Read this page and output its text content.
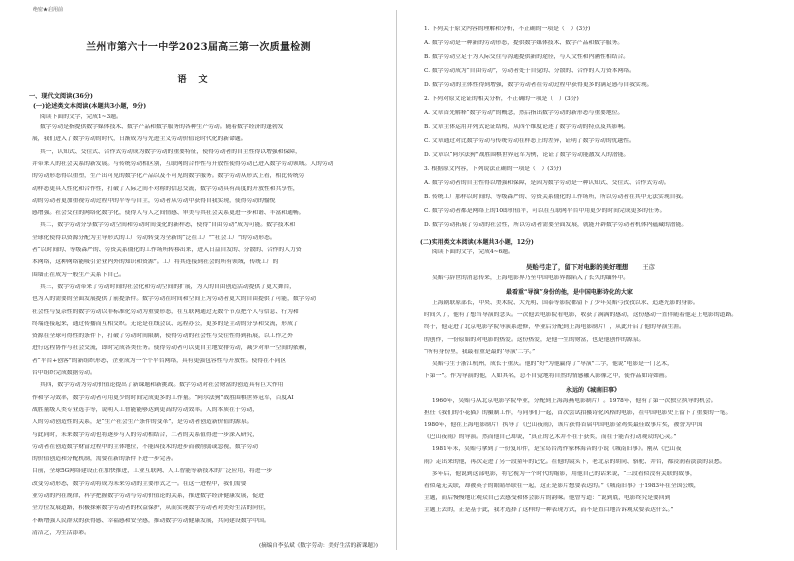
绝密★启用前
兰州市第六十一中学2023届高三第一次质量检测
语文
一、现代文阅读(36分)
(一)论述类文本阅读(本题共3小题，9分)
阅读下面的文字，完成1~3题。
数字劳动是指提供数字媒体技术、数字产品和数字服务的各种生产劳动。随着数字经济的蓬勃发
展，我们进入了数字劳动的时代，日渐成为与先进主义劳动价值论时代化的新命题。
其一，认知式、交往式、合作式劳动成为数字劳动的重要特征，使得劳动者的自主性得以增强和保障，
并带来人的社会关系的新发展。与传统劳动相区别，互联网的合作性与开放性使得劳动已进入数字劳动领域。人的劳动
的劳动形态得以重塑，生产出可见的数字化产品以及不可见的数字服务。数字劳动从形式上看，相比传统劳
动样态更具人性化和合作性，打破了人际之间不对称的信息交流，数字劳动具有高度的开放性和共享性，
动的劳动者更加重视劳动过程中的平等与自主，劳动者从劳动中获得自我实现，使得劳动的愉悦
感增强。社会交往的网络化数字化，使得人与人之间情感、审美与其社会关系更进一步和谐、丰富和通畅。
其二，数字劳动分享数字劳动空间和劳动时间变化的新样态，使得“自由劳动”成为可能。数字技术和
全球化使得以资源分配为主导形式的工厂劳动转变为全新的“泛在工厂”“社会工厂”的劳动形态。
者“以时间的、等级森严的、劳资关系僵化的工作场所转移出来，进入日益自发的、分散的、合作的人力资
本网络，这种网络能吸引企业内外的知识和资源”。工厂将其连接到社会的所有领域，传统工厂的
围墙正在成为一般生产关系下自己。
其三，数字劳动带来了劳动时间的社会化和劳动空间的扩展，为人的自由创造活动提供了更大舞台，
也为人的需要的全面发展提供了前提条件。数字劳动在时间和空间上为劳动者更大的自由提供了可能，数字劳动
社会性与复杂性的数字劳动以非标准化劳动为重要形态，在互联网通过无数个节点把个人与信息、行为和
终端连接起来，通过传播而互相交织。无论是在线会议、远程办公，更多的是主动的分享和交流，形成了
资源在全球可得性的条件下，打破了劳动时间限制，使得劳动的社会性与交往性得到拓展，以工作之外
进行远程协作与社会交流，即时完成各类任务。使得劳动者可以更自主地安排劳动，减少对单一空间的依赖，
者“平台+创客”的新组织形态，企业成为一个个平台网络，具有更强包容性与开放性。使得在不同区
台中组织完成数据劳动。
其四，数字劳动为劳动价值论提出了新课题和新挑战。数字劳动对社会财富的创造具有巨大作用
作和学习效率，数字劳动者可用更少的时间完成更多的工作量。“阿尔法狗”战胜围棋世界冠军，百度AI
战胜量级人类专业选手等，说明人工智能能够达到更高的劳动效率。人的本质在于劳动，
人的劳动创造性的关系，是“生产社会生产条件的变革”，是劳动者创造新价值的源泉。
与此同时，未来数字劳动也将逐步与人的劳动相结合，二者的关系值得进一步深入研究，
劳动者在创造数字财富过程中的主体地位，不能因技术的进步而被削弱或忽视，数字劳动
的价值创造和分配机制，需要在新的条件下进一步完善。
目前，全球5G网络建设正在加快推进，工业互联网、人工智能等新技术的广泛应用，将进一步
改变劳动形态，数字劳动将成为未来劳动的主要形式之一。在这一进程中，我们需要
业劳动的内在规律，科学把握数字劳动与劳动价值论的关系，推进数字经济健康发展，促进
全方位发展道路，积极探索数字劳动者的权益保护，从而实现数字劳动者对美好生活的向往，
不断增强人民群众的获得感、幸福感和安全感，推动数字劳动健康发展，共同建设数字中国。
清洁之，为生活添彩。
(摘编自李弘斌《数字劳动：美好生活的新课题》)
1. 下列关于原文内容的理解和分析，不正确的一项是（　）(3分)
A. 数字劳动是一种新的劳动形态，提供数字媒体技术、数字产品和数字服务。
B. 数字劳动立足于为人际交往与沟通提供新的途径，与人文性和内涵性相结合。
C. 数字劳动成为“自由劳动”，劳动者处于自觉的、分散的、合作的人力资本网络。
D. 数字劳动的主体性得到增强，数字劳动者在劳动过程中获得更多的满足感与自我实现。
2. 下列对原文论证的相关分析，不正确的一项是（　）(3分)
A. 文章首先解释“数字劳动”的概念，然后指出数字劳动的新形态与重要地位。
B. 文章主体运用并列式论证结构，从四个维度论述了数字劳动的特点及其影响。
C. 文章通过对比数字劳动与传统劳动在样态上的差异，证明了数字劳动的优越性。
D. 文章以“阿尔法狗”战胜围棋世界冠军为例，论证了数字劳动能激发人的潜能。
3. 根据原文内容，下列说法正确的一项是（　）(3分)
A. 数字劳动者的自主性得以增强和保障，是因为数字劳动是一种认知式、交往式、合作式劳动。
B. 传统工厂那样以时间的、等级森严的、劳资关系僵化的工作场所，所以劳动者在其中无法实现自我。
C. 数字劳动者都是网络上的10即价值平，可以在互联网平台中用更少的时间完成更多的任务。
D. 数字劳动拓展了劳动的社会性，所以劳动者需要全面发展，就能开辟数字劳动者机体内蕴藏的潜能。
(二)实用类文本阅读(本题共3小题，12分)
阅读下面的文字，完成4~6题。
吴贻弓走了，留下对电影的美好理想 王彦
吴贻弓辞世的消息传来，上海电影界乃至中国电影界都陷入了长久的缅怀中。
最看重“导演”身份的他，是中国电影诗化的大家
上海剧联原部长，中央、美术院、大光明、国泰等影院都留下了少年吴贻弓孜孜以求、追逐光影的身影。
时间久了，他有了想当导演的念头。一次他去电影院看电影，收获了满满的感动，这份感动一直伴随着他走上电影的道路。
终于，他走进了北京电影学院导演系进修，毕业后分配到上海电影制片厂，从此开启了他的导演生涯。
的创作，一份原始的对电影的热爱。这份热爱，是他一生的财富，也是他创作的源泉。
“所有身份里，我最看重是最的‘导演’二字。”
吴贻弓生于浙江杭州，成长于重庆。他的“好”为他赢得了“导演”二字，他说“电影是一门艺术，
下第一”。作为导演的他，人如其名，总不自觉地将自然的情感融入影像之中，使作品如诗如画。
永远的《城南旧事》
1960年，吴贻弓从北京电影学院毕业，分配到上海海燕电影制片厂。1978年，他有了第一次独立执导的机会。
担任《我们的小花猫》的摄制工作，与同事们一起，首次尝试拍摄诗化风格的电影，在中国电影史上留下了重要的一笔。
1980年，他在上海电影制片厂执导了《巴山夜雨》，该片获得首届中国电影金鸡奖最佳故事片奖，被誉为中国
《巴山夜雨》的导演。然而他自己却说，“真正的艺术并不在于获奖，而在于能否打动观众的心灵。”
1981年末，吴贻弓拿到了一份复印件，是宝岛台湾作家林海音的小说《城南旧事》。刚从《巴山夜
雨》走出来的他，再次走进了另一段童年的记忆。在他的镜头下，老北京的胡同、骆驼、井台，都浸润着淡淡的哀愁。
多年后，他说到这部电影，将它视为一个时代的缩影，用他自己的话来说，“三段看似没有关联的故事，
看似毫无关联，却被英子的眼睛串联在一起，这正是影片想要表达的。”《城南旧事》于1983年在全国公映，
主题，而后慢慢地让观众自己去感受和体会影片的韵味。他曾写道：“说到底，电影终究是要回到
主题上去的，正是基于此，我才选择了这样的一种表现方式，而不是直白地告诉观众要表达什么。”
